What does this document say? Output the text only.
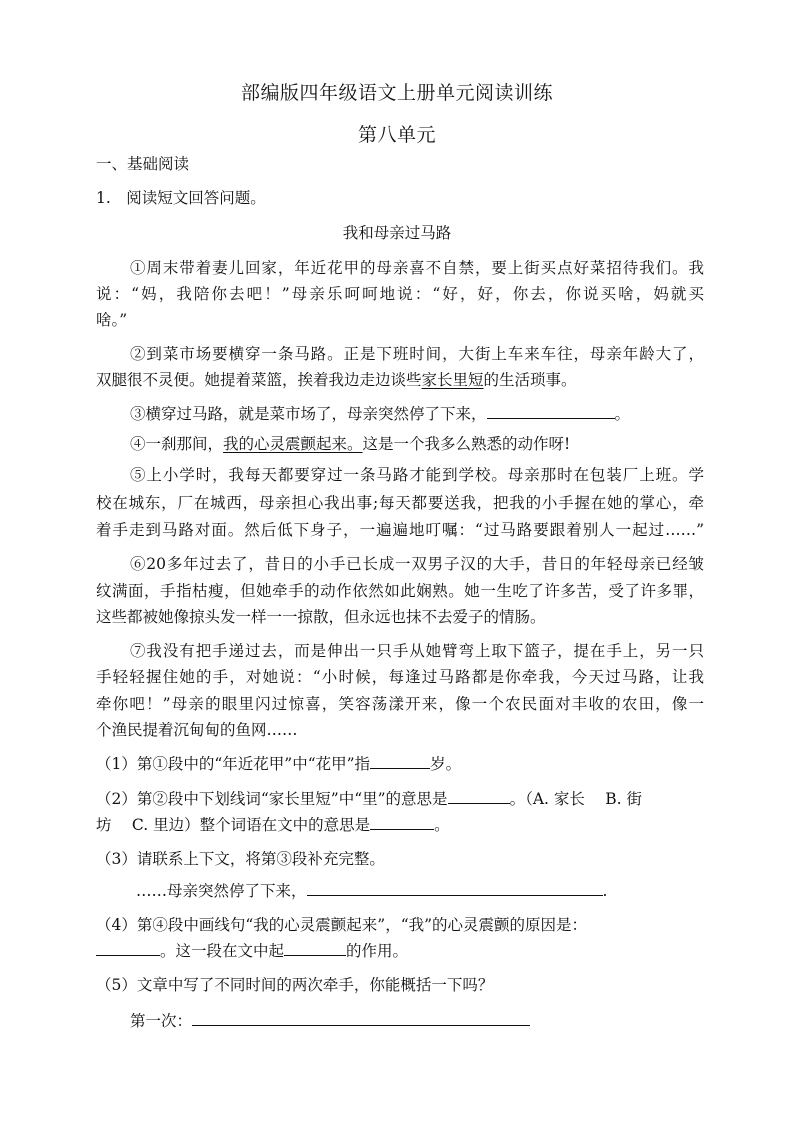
部编版四年级语文上册单元阅读训练
第八单元
一、基础阅读
1.　阅读短文回答问题。
我和母亲过马路
①周末带着妻儿回家，年近花甲的母亲喜不自禁，要上街买点好菜招待我们。我
说：“妈，我陪你去吧！”母亲乐呵呵地说：“好，好，你去，你说买啥，妈就买
啥。”
②到菜市场要横穿一条马路。正是下班时间，大街上车来车往，母亲年龄大了，
双腿很不灵便。她提着菜篮，挨着我边走边谈些家长里短的生活琐事。
③横穿过马路，就是菜市场了，母亲突然停了下来，	。
④一刹那间，我的心灵震颤起来。这是一个我多么熟悉的动作呀!
⑤上小学时，我每天都要穿过一条马路才能到学校。母亲那时在包装厂上班。学
校在城东，厂在城西，母亲担心我出事;每天都要送我，把我的小手握在她的掌心，牵
着手走到马路对面。然后低下身子，一遍遍地叮嘱：“过马路要跟着别人一起过……”
⑥20多年过去了，昔日的小手已长成一双男子汉的大手，昔日的年轻母亲已经皱
纹满面，手指枯瘦，但她牵手的动作依然如此娴熟。她一生吃了许多苦，受了许多罪，
这些都被她像掠头发一样一一掠散，但永远也抹不去爱子的情肠。
⑦我没有把手递过去，而是伸出一只手从她臂弯上取下篮子，提在手上，另一只
手轻轻握住她的手，对她说：“小时候，每逢过马路都是你牵我，今天过马路，让我
牵你吧！”母亲的眼里闪过惊喜，笑容荡漾开来，像一个农民面对丰收的农田，像一
个渔民提着沉甸甸的鱼网……
（1）第①段中的“年近花甲”中“花甲”指	岁。
（2）第②段中下划线词“家长里短”中“里”的意思是	。（A. 家长　 B. 街
坊　 C. 里边）整个词语在文中的意思是	。
（3）请联系上下文，将第③段补充完整。
……母亲突然停了下来，	.
（4）第④段中画线句“我的心灵震颤起来”，“我”的心灵震颤的原因是：
。这一段在文中起	的作用。
（5）文章中写了不同时间的两次牵手，你能概括一下吗？
第一次：
